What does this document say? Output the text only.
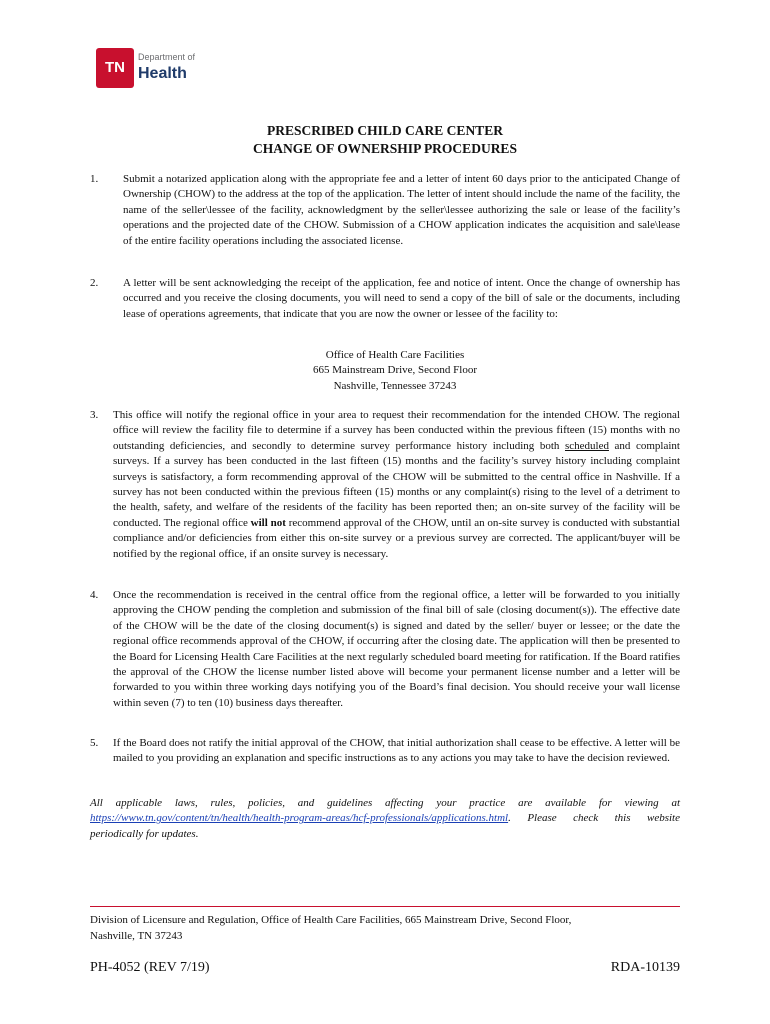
TN
Department of
Health
PRESCRIBED CHILD CARE CENTER
CHANGE OF OWNERSHIP PROCEDURES
1. Submit a notarized application along with the appropriate fee and a letter of intent 60 days prior to the anticipated Change of Ownership (CHOW) to the address at the top of the application. The letter of intent should include the name of the facility, the name of the seller\lessee of the facility, acknowledgment by the seller\lessee authorizing the sale or lease of the facility’s operations and the projected date of the CHOW. Submission of a CHOW application indicates the acquisition and sale\lease of the entire facility operations including the associated license.

2. A letter will be sent acknowledging the receipt of the application, fee and notice of intent. Once the change of ownership has occurred and you receive the closing documents, you will need to send a copy of the bill of sale or the documents, including lease of operations agreements, that indicate that you are now the owner or lessee of the facility to:

Office of Health Care Facilities
665 Mainstream Drive, Second Floor
Nashville, Tennessee 37243
3. This office will notify the regional office in your area to request their recommendation for the intended CHOW. The regional office will review the facility file to determine if a survey has been conducted within the previous fifteen (15) months with no outstanding deficiencies, and secondly to determine survey performance history including both scheduled and complaint surveys. If a survey has been conducted in the last fifteen (15) months and the facility’s survey history including complaint surveys is satisfactory, a form recommending approval of the CHOW will be submitted to the central office in Nashville. If a survey has not been conducted within the previous fifteen (15) months or any complaint(s) rising to the level of a detriment to the health, safety, and welfare of the residents of the facility has been reported then; an on-site survey of the facility will be conducted. The regional office will not recommend approval of the CHOW, until an on-site survey is conducted with substantial compliance and/or deficiencies from either this on-site survey or a previous survey are corrected. The applicant/buyer will be notified by the regional office, if an onsite survey is necessary.

4. Once the recommendation is received in the central office from the regional office, a letter will be forwarded to you initially approving the CHOW pending the completion and submission of the final bill of sale (closing document(s)). The effective date of the CHOW will be the date of the closing document(s) is signed and dated by the seller/ buyer or lessee; or the date the regional office recommends approval of the CHOW, if occurring after the closing date. The application will then be presented to the Board for Licensing Health Care Facilities at the next regularly scheduled board meeting for ratification. If the Board ratifies the approval of the CHOW the license number listed above will become your permanent license number and a letter will be forwarded to you within three working days notifying you of the Board’s final decision. You should receive your wall license within seven (7) to ten (10) business days thereafter.

5. If the Board does not ratify the initial approval of the CHOW, that initial authorization shall cease to be effective. A letter will be mailed to you providing an explanation and specific instructions as to any actions you may take to have the decision reviewed.

All applicable laws, rules, policies, and guidelines affecting your practice are available for viewing at https://www.tn.gov/content/tn/health/health-program-areas/hcf-professionals/applications.html. Please check this website periodically for updates.
Division of Licensure and Regulation, Office of Health Care Facilities, 665 Mainstream Drive, Second Floor,
Nashville, TN 37243
PH-4052 (REV 7/19)	RDA-10139
